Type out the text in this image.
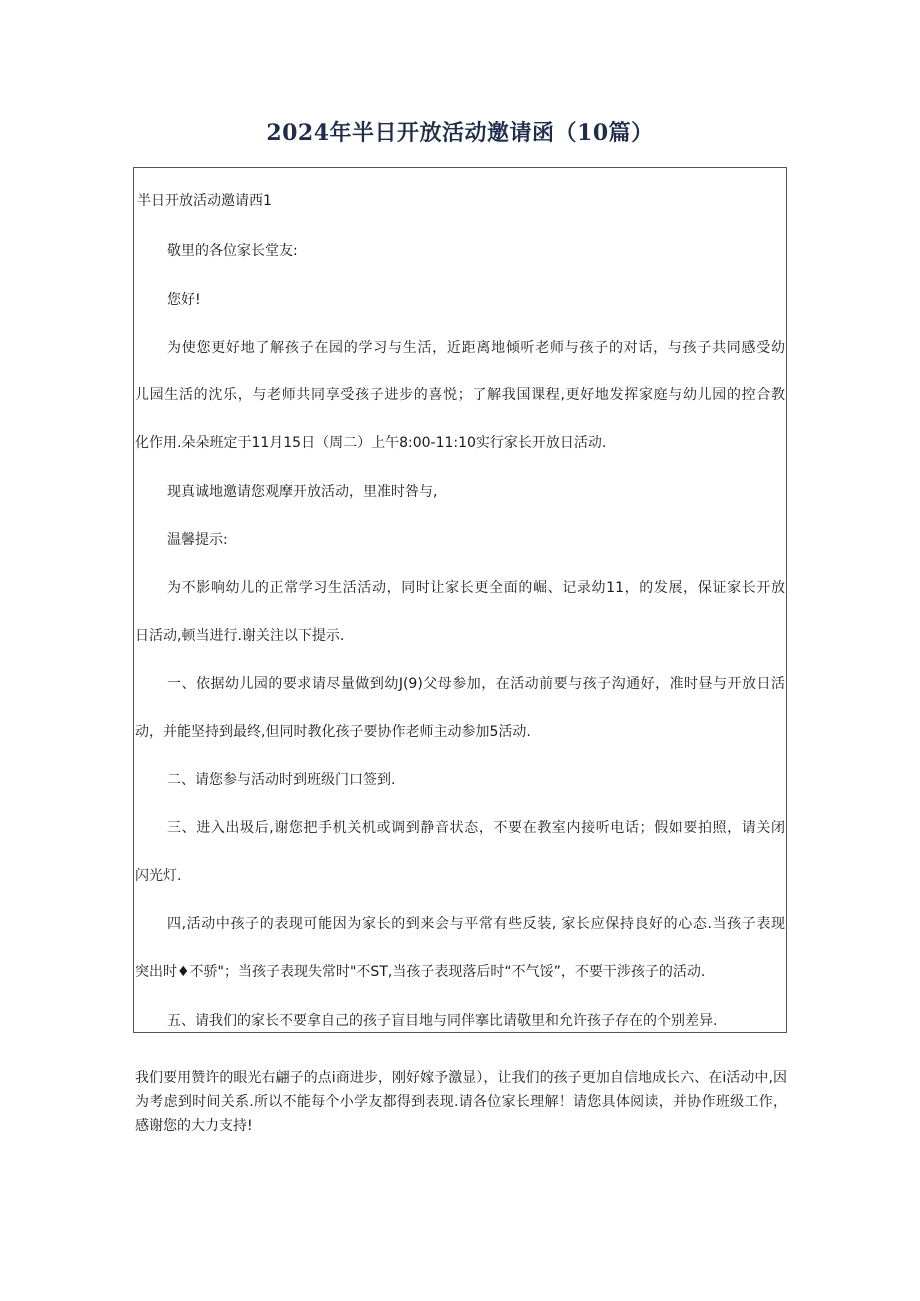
2024年半日开放活动邀请函（10篇）
半日开放活动邀请西1
敬里的各位家长堂友:
您好!
为使您更好地了解孩子在园的学习与生活，近距离地倾听老师与孩子的对话，与孩子共同感受幼
儿园生活的沈乐，与老师共同享受孩子进步的喜悦；了解我国课程,更好地发挥家庭与幼儿园的控合教
化作用.朵朵班定于11月15日（周二）上午8:00-11:10实行家长开放日活动.
现真诚地邀请您观摩开放活动，里准时咎与,
温馨提示:
为不影响幼儿的正常学习生活活动，同时让家长更全面的崛、记录幼11，的发展，保证家长开放
日活动,顿当进行.谢关注以下提示.
一、依据幼儿园的要求请尽量做到幼J(9)父母参加，在活动前要与孩子沟通好，准时昼与开放日活
动，并能坚持到最终,但同时教化孩子要协作老师主动参加5活动.
二、请您参与活动时到班级门口签到.
三、进入出圾后,谢您把手机关机或调到静音状态，不要在教室内接听电话；假如要拍照，请关闭
闪光灯.
四,活动中孩子的表现可能因为家长的到来会与平常有些反装, 家长应保持良好的心态.当孩子表现
突出时♦不骄"；当孩子表现失常时"不ST,当孩子表现落后时“不气馁”，不要干涉孩子的活动.
五、请我们的家长不要拿自己的孩子盲目地与同伴搴比请敬里和允许孩子存在的个别差异.
我们要用赞许的眼光右翩子的点i商进步，刚好嫁予激显），让我们的孩子更加自信地成长六、在i活动中,因为考虑到时间关系.所以不能每个小学友都得到表现.请各位家长理解！请您具体阅读，并协作班级工作，感谢您的大力支持!
